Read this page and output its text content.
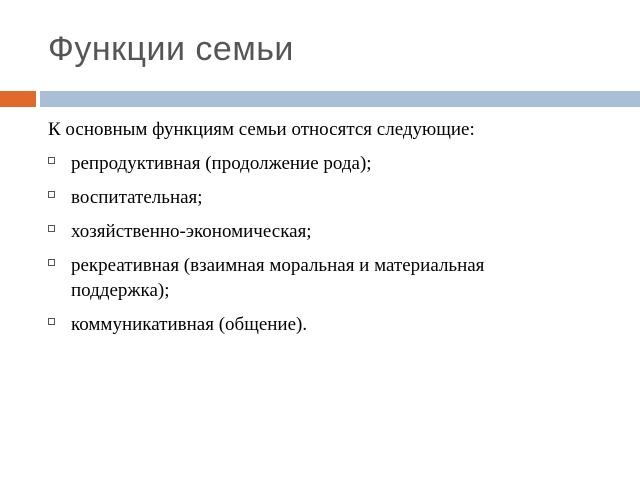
Функции семьи
К основным функциям семьи относятся следующие:
репродуктивная (продолжение рода);
воспитательная;
хозяйственно-экономическая;
рекреативная (взаимная моральная и материальная поддержка);
коммуникативная (общение).
